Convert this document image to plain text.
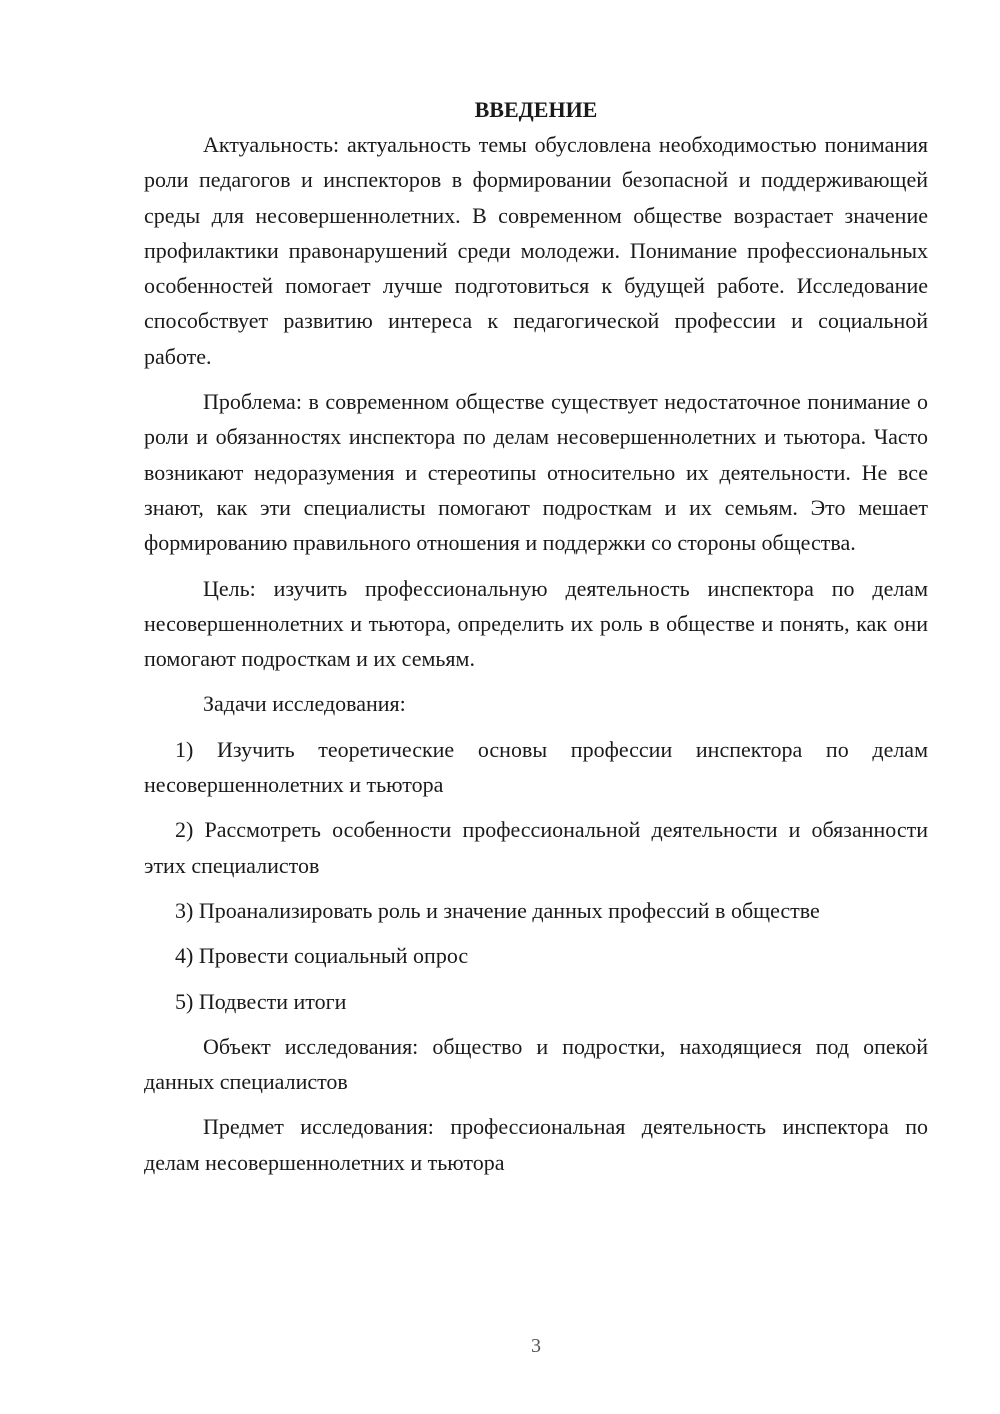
ВВЕДЕНИЕ

Актуальность: актуальность темы обусловлена необходимостью понимания роли педагогов и инспекторов в формировании безопасной и поддерживающей среды для несовершеннолетних. В современном обществе возрастает значение профилактики правонарушений среди молодежи. Понимание профессиональных особенностей помогает лучше подготовиться к будущей работе. Исследование способствует развитию интереса к педагогической профессии и социальной работе.

Проблема: в современном обществе существует недостаточное понимание о роли и обязанностях инспектора по делам несовершеннолетних и тьютора. Часто возникают недоразумения и стереотипы относительно их деятельности. Не все знают, как эти специалисты помогают подросткам и их семьям. Это мешает формированию правильного отношения и поддержки со стороны общества.

Цель: изучить профессиональную деятельность инспектора по делам несовершеннолетних и тьютора, определить их роль в обществе и понять, как они помогают подросткам и их семьям.

Задачи исследования:

1) Изучить теоретические основы профессии инспектора по делам несовершеннолетних и тьютора

2) Рассмотреть особенности профессиональной деятельности и обязанности этих специалистов

3) Проанализировать роль и значение данных профессий в обществе

4) Провести социальный опрос

5) Подвести итоги

Объект исследования: общество и подростки, находящиеся под опекой данных специалистов

Предмет исследования: профессиональная деятельность инспектора по делам несовершеннолетних и тьютора

3
